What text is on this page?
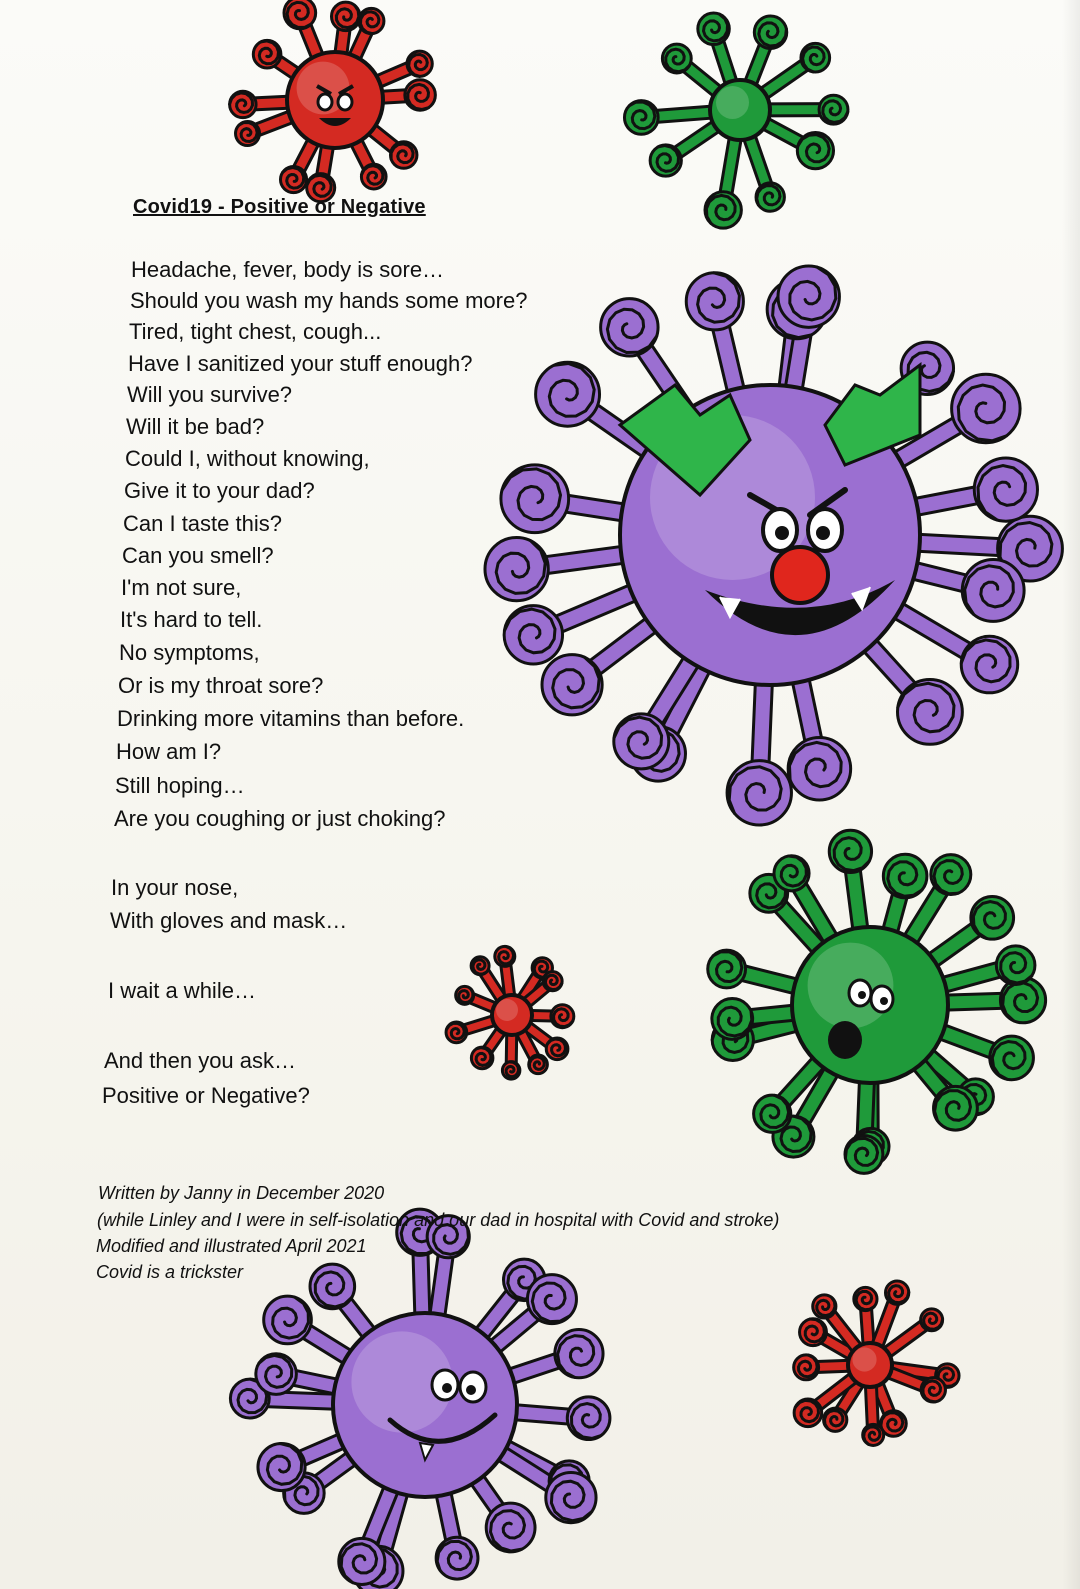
Covid19 - Positive or Negative
Headache, fever, body is sore…
Should you wash my hands some more?
Tired, tight chest, cough...
Have I sanitized your stuff enough?
Will you survive?
Will it be bad?
Could I, without knowing,
Give it to your dad?
Can I taste this?
Can you smell?
I'm not sure,
It's hard to tell.
No symptoms,
Or is my throat sore?
Drinking more vitamins than before.
How am I?
Still hoping…
Are you coughing or just choking?
In your nose,
With gloves and mask…
I wait a while…
And then you ask…
Positive or Negative?
Written by Janny in December 2020
(while Linley and I were in self-isolation and our dad in hospital with Covid and stroke)
Modified and illustrated April 2021
Covid is a trickster
